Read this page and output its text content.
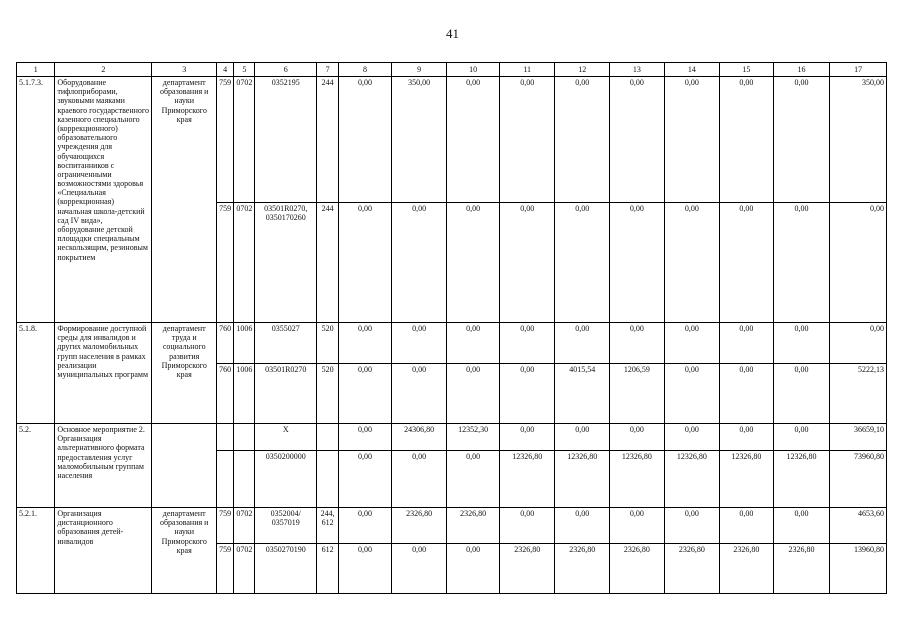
41
1	2	3	4	5	6	7	8	9	10	11	12	13	14	15	16	17
5.1.7.3.	Оборудование тифлоприборами, звуковыми маяками краевого государственного казенного специального (коррекционного) образовательного учреждения для обучающихся воспитанников с ограниченными возможностями здоровья «Специальная (коррекционная) начальная школа-детский сад IV вида», оборудование детской площадки специальным нескользящим, резиновым покрытием	департамент образования и науки Приморского края	759	0702	0352195	244	0,00	350,00	0,00	0,00	0,00	0,00	0,00	0,00	0,00	350,00
			759	0702	03501R0270, 0350170260	244	0,00	0,00	0,00	0,00	0,00	0,00	0,00	0,00	0,00	0,00
5.1.8.	Формирование доступной среды для инвалидов и других маломобильных групп населения в рамках реализации муниципальных программ	департамент труда и социального развития Приморского края	760	1006	0355027	520	0,00	0,00	0,00	0,00	0,00	0,00	0,00	0,00	0,00	0,00
			760	1006	03501R0270	520	0,00	0,00	0,00	0,00	4015,54	1206,59	0,00	0,00	0,00	5222,13
5.2.	Основное мероприятие 2. Организация альтернативного формата предоставления услуг маломобильным группам населения				X		0,00	24306,80	12352,30	0,00	0,00	0,00	0,00	0,00	0,00	36659,10
					0350200000		0,00	0,00	0,00	12326,80	12326,80	12326,80	12326,80	12326,80	12326,80	73960,80
5.2.1.	Организация дистанционного образования детей-инвалидов	департамент образования и науки Приморского края	759	0702	0352004/ 0357019	244, 612	0,00	2326,80	2326,80	0,00	0,00	0,00	0,00	0,00	0,00	4653,60
			759	0702	0350270190	612	0,00	0,00	0,00	2326,80	2326,80	2326,80	2326,80	2326,80	2326,80	13960,80
